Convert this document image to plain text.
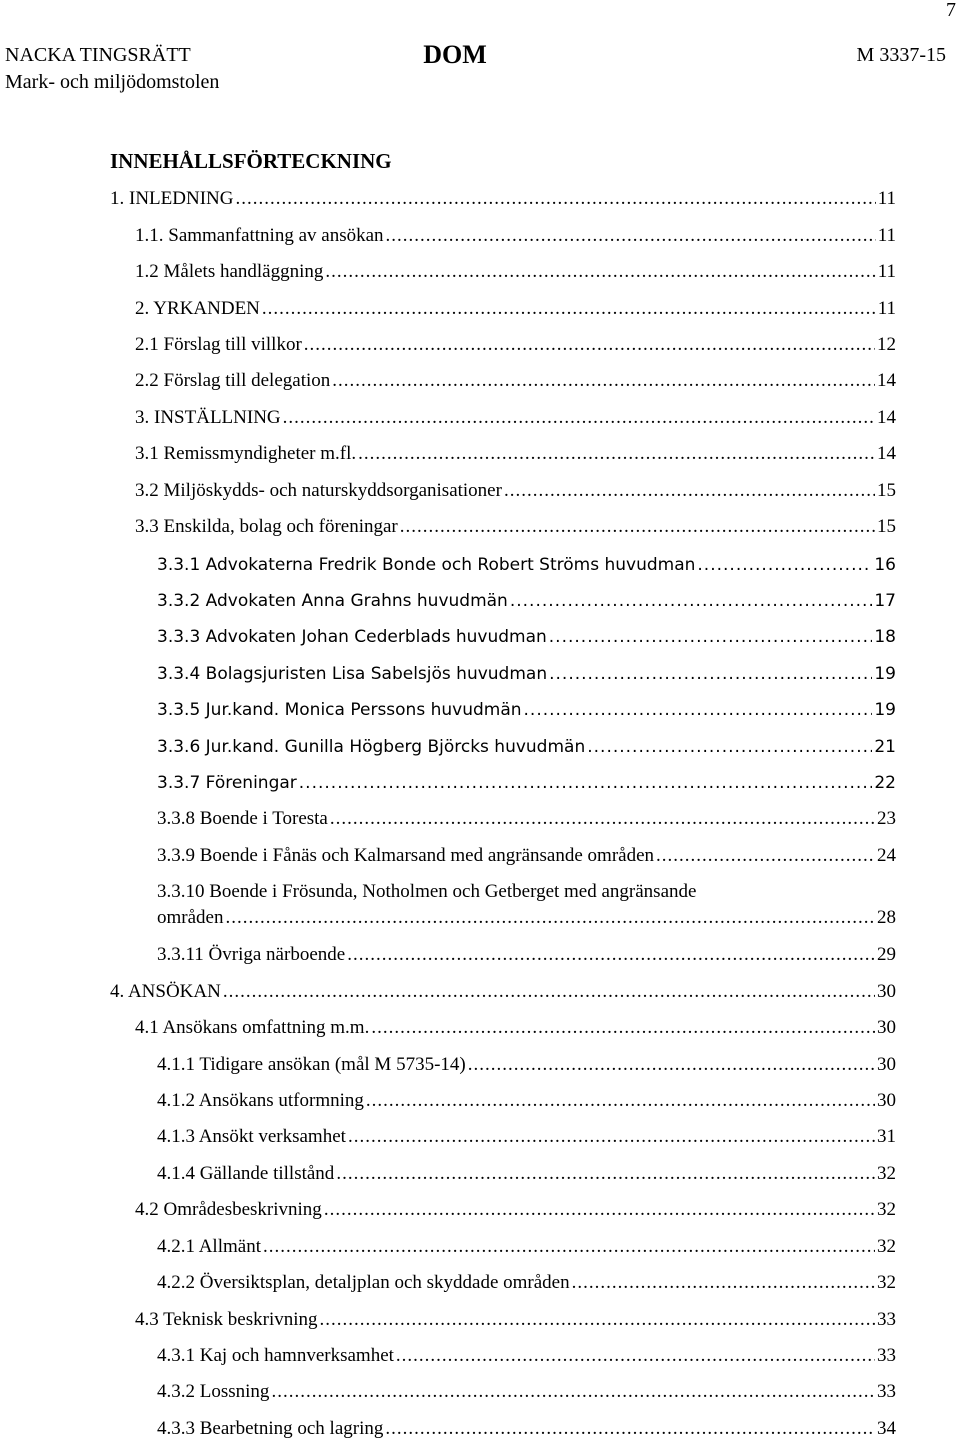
7
NACKA TINGSRÄTT
Mark- och miljödomstolen
DOM	M 3337-15
INNEHÅLLSFÖRTECKNING
1. INLEDNING .....	11
1.1. Sammanfattning av ansökan .....	11
1.2 Målets handläggning .....	11
2. YRKANDEN .....	11
2.1 Förslag till villkor .....	12
2.2 Förslag till delegation .....	14
3. INSTÄLLNING .....	14
3.1 Remissmyndigheter m.fl. .....	14
3.2 Miljöskydds- och naturskyddsorganisationer .....	15
3.3 Enskilda, bolag och föreningar .....	15
3.3.1 Advokaterna Fredrik Bonde och Robert Ströms huvudman .....	16
3.3.2 Advokaten Anna Grahns huvudmän .....	17
3.3.3 Advokaten Johan Cederblads huvudman .....	18
3.3.4 Bolagsjuristen Lisa Sabelsjös huvudman .....	19
3.3.5 Jur.kand. Monica Perssons huvudmän .....	19
3.3.6 Jur.kand. Gunilla Högberg Björcks huvudmän .....	21
3.3.7 Föreningar .....	22
3.3.8 Boende i Toresta .....	23
3.3.9 Boende i Fånäs och Kalmarsand med angränsande områden .....	24
3.3.10 Boende i Frösunda, Notholmen och Getberget med angränsande
områden .....	28
3.3.11 Övriga närboende .....	29
4. ANSÖKAN .....	30
4.1 Ansökans omfattning m.m. .....	30
4.1.1 Tidigare ansökan (mål M 5735-14) .....	30
4.1.2 Ansökans utformning .....	30
4.1.3 Ansökt verksamhet .....	31
4.1.4 Gällande tillstånd .....	32
4.2 Områdesbeskrivning .....	32
4.2.1 Allmänt .....	32
4.2.2 Översiktsplan, detaljplan och skyddade områden .....	32
4.3 Teknisk beskrivning .....	33
4.3.1 Kaj och hamnverksamhet .....	33
4.3.2 Lossning .....	33
4.3.3 Bearbetning och lagring .....	34
